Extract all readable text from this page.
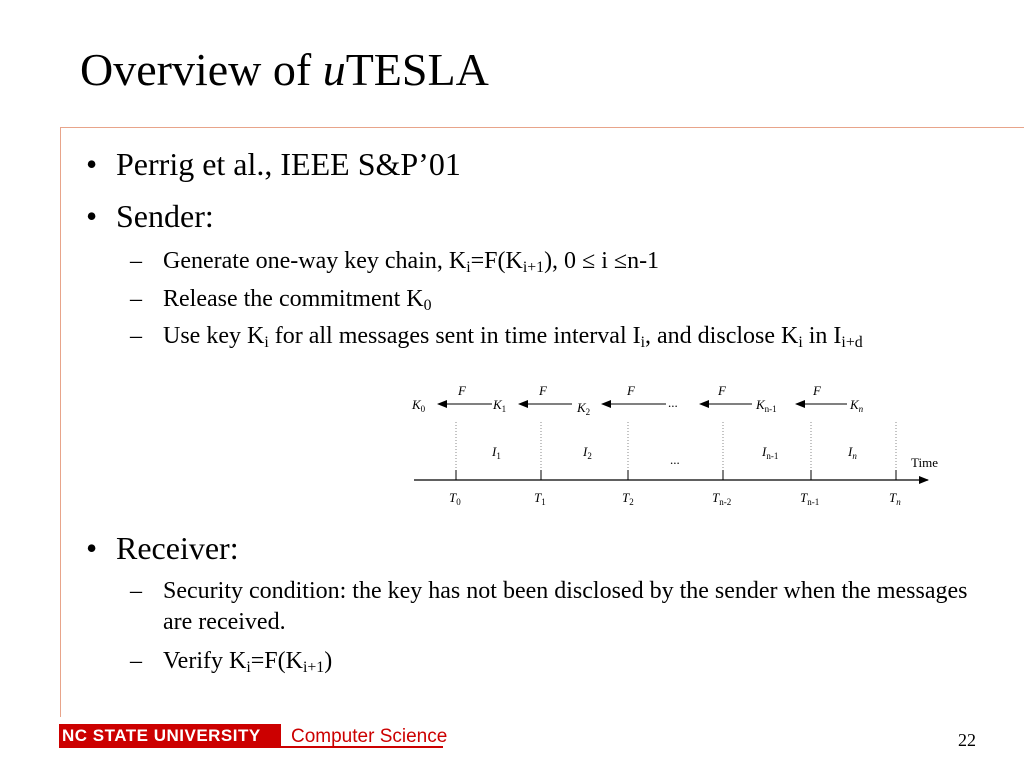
Overview of uTESLA
• Perrig et al., IEEE S&P’01
• Sender:
– Generate one-way key chain, $K_i=F(K_{i+1})$, 0 ≤ i ≤n-1
– Release the commitment $K_0$
– Use key $K_i$ for all messages sent in time interval $I_i$, and disclose $K_i$ in $I_{i+d}$
F	F	F	F	F
$K_0$	$K_1$	$K_2$
...	$K_{n-1}$	$K_n$
$I_1$	$I_2$	...
$I_{n-1}$	$I_n$	Time
$T_0$	$T_1$	$T_2$	$T_{n-2}$	$T_{n-1}$	$T_n$
• Receiver:
– Security condition: the key has not been disclosed by the sender when the messages are received.
– Verify $K_i=F(K_{i+1})$
NC STATE UNIVERSITY	Computer Science	22
